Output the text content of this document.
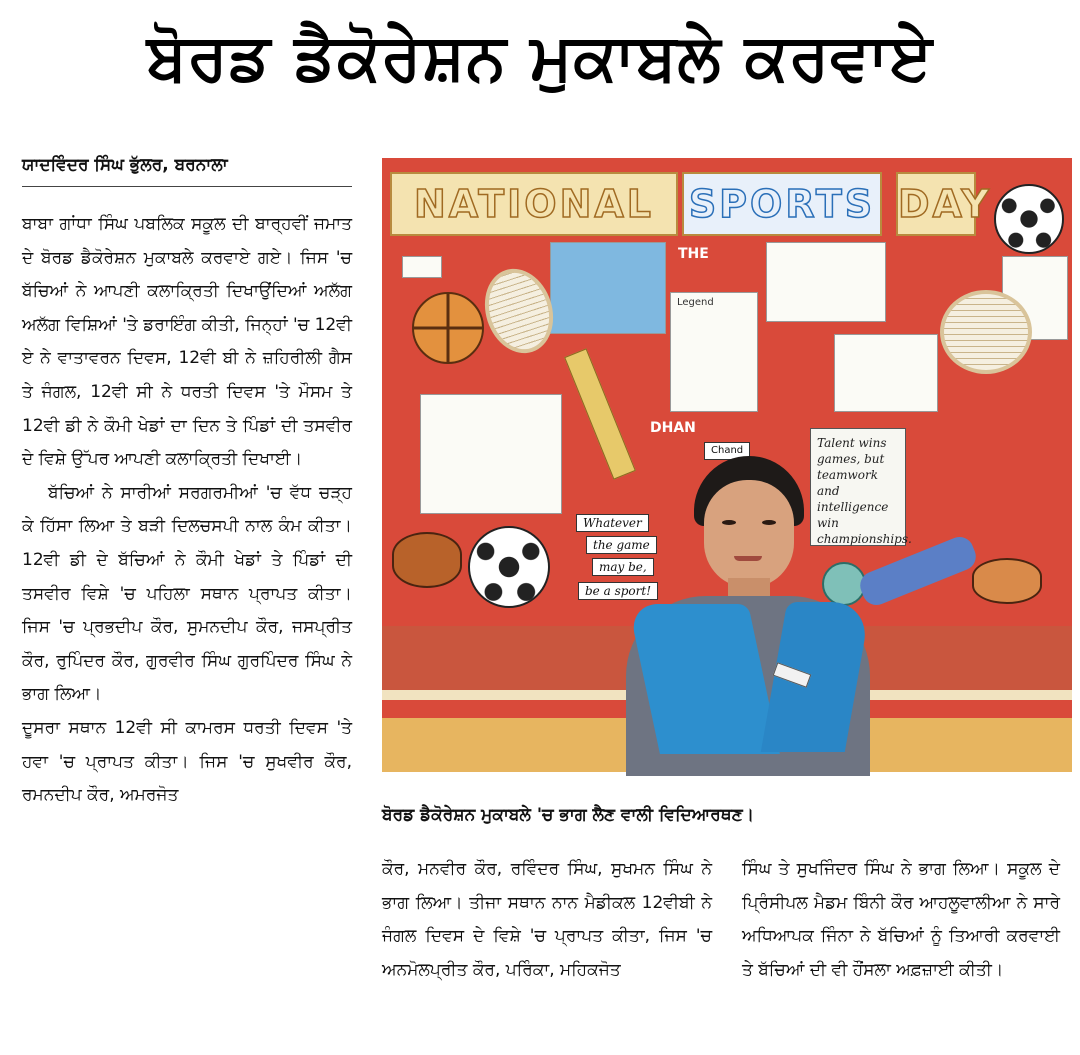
ਬੋਰਡ ਡੈਕੋਰੇਸ਼ਨ ਮੁਕਾਬਲੇ ਕਰਵਾਏ
ਯਾਦਵਿੰਦਰ ਸਿੰਘ ਭੁੱਲਰ, ਬਰਨਾਲਾ

ਬਾਬਾ ਗਾਂਧਾ ਸਿੰਘ ਪਬਲਿਕ ਸਕੂਲ ਦੀ ਬਾਰ੍ਹਵੀਂ ਜਮਾਤ ਦੇ ਬੋਰਡ ਡੈਕੋਰੇਸ਼ਨ ਮੁਕਾਬਲੇ ਕਰਵਾਏ ਗਏ। ਜਿਸ 'ਚ ਬੱਚਿਆਂ ਨੇ ਆਪਣੀ ਕਲਾਕ੍ਰਿਤੀ ਦਿਖਾਉਂਦਿਆਂ ਅਲੱਗ ਅਲੱਗ ਵਿਸ਼ਿਆਂ 'ਤੇ ਡਰਾਇੰਗ ਕੀਤੀ, ਜਿਨ੍ਹਾਂ 'ਚ 12ਵੀ ਏ ਨੇ ਵਾਤਾਵਰਨ ਦਿਵਸ, 12ਵੀ ਬੀ ਨੇ ਜ਼ਹਿਰੀਲੀ ਗੈਸ ਤੇ ਜੰਗਲ, 12ਵੀ ਸੀ ਨੇ ਧਰਤੀ ਦਿਵਸ 'ਤੇ ਮੌਸਮ ਤੇ 12ਵੀ ਡੀ ਨੇ ਕੌਮੀ ਖੇਡਾਂ ਦਾ ਦਿਨ ਤੇ ਪਿੰਡਾਂ ਦੀ ਤਸਵੀਰ ਦੇ ਵਿਸ਼ੇ ਉੱਪਰ ਆਪਣੀ ਕਲਾਕ੍ਰਿਤੀ ਦਿਖਾਈ।

ਬੱਚਿਆਂ ਨੇ ਸਾਰੀਆਂ ਸਰਗਰਮੀਆਂ 'ਚ ਵੱਧ ਚੜ੍ਹ ਕੇ ਹਿੱਸਾ ਲਿਆ ਤੇ ਬੜੀ ਦਿਲਚਸਪੀ ਨਾਲ ਕੰਮ ਕੀਤਾ। 12ਵੀ ਡੀ ਦੇ ਬੱਚਿਆਂ ਨੇ ਕੌਮੀ ਖੇਡਾਂ ਤੇ ਪਿੰਡਾਂ ਦੀ ਤਸਵੀਰ ਵਿਸ਼ੇ 'ਚ ਪਹਿਲਾ ਸਥਾਨ ਪ੍ਰਾਪਤ ਕੀਤਾ। ਜਿਸ 'ਚ ਪ੍ਰਭਦੀਪ ਕੌਰ, ਸੁਮਨਦੀਪ ਕੌਰ, ਜਸਪ੍ਰੀਤ ਕੌਰ, ਰੁਪਿੰਦਰ ਕੌਰ, ਗੁਰਵੀਰ ਸਿੰਘ ਗੁਰਪਿੰਦਰ ਸਿੰਘ ਨੇ ਭਾਗ ਲਿਆ।

ਦੂਸਰਾ ਸਥਾਨ 12ਵੀ ਸੀ ਕਾਮਰਸ ਧਰਤੀ ਦਿਵਸ 'ਤੇ ਹਵਾ 'ਚ ਪ੍ਰਾਪਤ ਕੀਤਾ। ਜਿਸ 'ਚ ਸੁਖਵੀਰ ਕੌਰ, ਰਮਨਦੀਪ ਕੌਰ, ਅਮਰਜੋਤ

NATIONAL SPORTS DAY
Legend
THE
DHAN
Chand
Talent wins games, but teamwork and intelligence win championships.
Whatever
the game
may be,
be a sport!
ਬੋਰਡ ਡੈਕੋਰੇਸ਼ਨ ਮੁਕਾਬਲੇ 'ਚ ਭਾਗ ਲੈਣ ਵਾਲੀ ਵਿਦਿਆਰਥਣ।

ਕੌਰ, ਮਨਵੀਰ ਕੌਰ, ਰਵਿੰਦਰ ਸਿੰਘ, ਸੁਖਮਨ ਸਿੰਘ ਨੇ ਭਾਗ ਲਿਆ। ਤੀਜਾ ਸਥਾਨ ਨਾਨ ਮੈਡੀਕਲ 12ਵੀਬੀ ਨੇ ਜੰਗਲ ਦਿਵਸ ਦੇ ਵਿਸ਼ੇ 'ਚ ਪ੍ਰਾਪਤ ਕੀਤਾ, ਜਿਸ 'ਚ ਅਨਮੋਲਪ੍ਰੀਤ ਕੌਰ, ਪਰਿੰਕਾ, ਮਹਿਕਜੋਤ

ਸਿੰਘ ਤੇ ਸੁਖਜਿੰਦਰ ਸਿੰਘ ਨੇ ਭਾਗ ਲਿਆ। ਸਕੂਲ ਦੇ ਪ੍ਰਿੰਸੀਪਲ ਮੈਡਮ ਬਿੰਨੀ ਕੌਰ ਆਹਲੂਵਾਲੀਆ ਨੇ ਸਾਰੇ ਅਧਿਆਪਕ ਜਿੰਨਾ ਨੇ ਬੱਚਿਆਂ ਨੂੰ ਤਿਆਰੀ ਕਰਵਾਈ ਤੇ ਬੱਚਿਆਂ ਦੀ ਵੀ ਹੌਂਸਲਾ ਅਫ਼ਜ਼ਾਈ ਕੀਤੀ।
